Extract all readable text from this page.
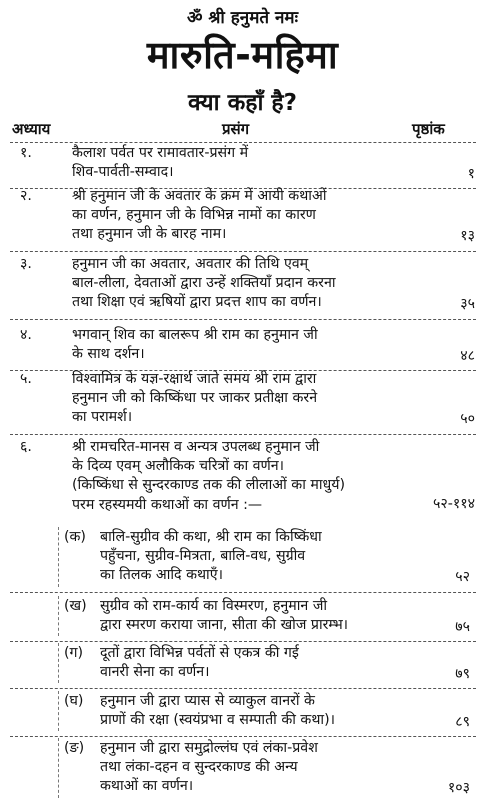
ॐ श्री हनुमते नमः
मारुति-महिमा
क्या कहाँ है?
अध्याय	प्रसंग	पृष्ठांक
१.	कैलाश पर्वत पर रामावतार-प्रसंग में
शिव-पार्वती-सम्वाद।	१
२.	श्री हनुमान जी के अवतार के क्रम में आयी कथाओं
का वर्णन, हनुमान जी के विभिन्न नामों का कारण
तथा हनुमान जी के बारह नाम।	१३
३.	हनुमान जी का अवतार, अवतार की तिथि एवम्
बाल-लीला, देवताओं द्वारा उन्हें शक्तियाँ प्रदान करना
तथा शिक्षा एवं ऋषियों द्वारा प्रदत्त शाप का वर्णन।	३५
४.	भगवान् शिव का बालरूप श्री राम का हनुमान जी
के साथ दर्शन।	४८
५.	विश्वामित्र के यज्ञ-रक्षार्थ जाते समय श्री राम द्वारा
हनुमान जी को किष्किंधा पर जाकर प्रतीक्षा करने
का परामर्श।	५०
६.	श्री रामचरित-मानस व अन्यत्र उपलब्ध हनुमान जी
के दिव्य एवम् अलौकिक चरित्रों का वर्णन।
(किष्किंधा से सुन्दरकाण्ड तक की लीलाओं का माधुर्य)
परम रहस्यमयी कथाओं का वर्णन :—	५२-११४
(क) बालि-सुग्रीव की कथा, श्री राम का किष्किंधा
पहुँचना, सुग्रीव-मित्रता, बालि-वध, सुग्रीव
का तिलक आदि कथाएँ।	५२
(ख) सुग्रीव को राम-कार्य का विस्मरण, हनुमान जी
द्वारा स्मरण कराया जाना, सीता की खोज प्रारम्भ।	७५
(ग) दूतों द्वारा विभिन्न पर्वतों से एकत्र की गई
वानरी सेना का वर्णन।	७९
(घ) हनुमान जी द्वारा प्यास से व्याकुल वानरों के
प्राणों की रक्षा (स्वयंप्रभा व सम्पाती की कथा)।	८९
(ङ) हनुमान जी द्वारा समुद्रोल्लंघ एवं लंका-प्रवेश
तथा लंका-दहन व सुन्दरकाण्ड की अन्य
कथाओं का वर्णन।	१०३
